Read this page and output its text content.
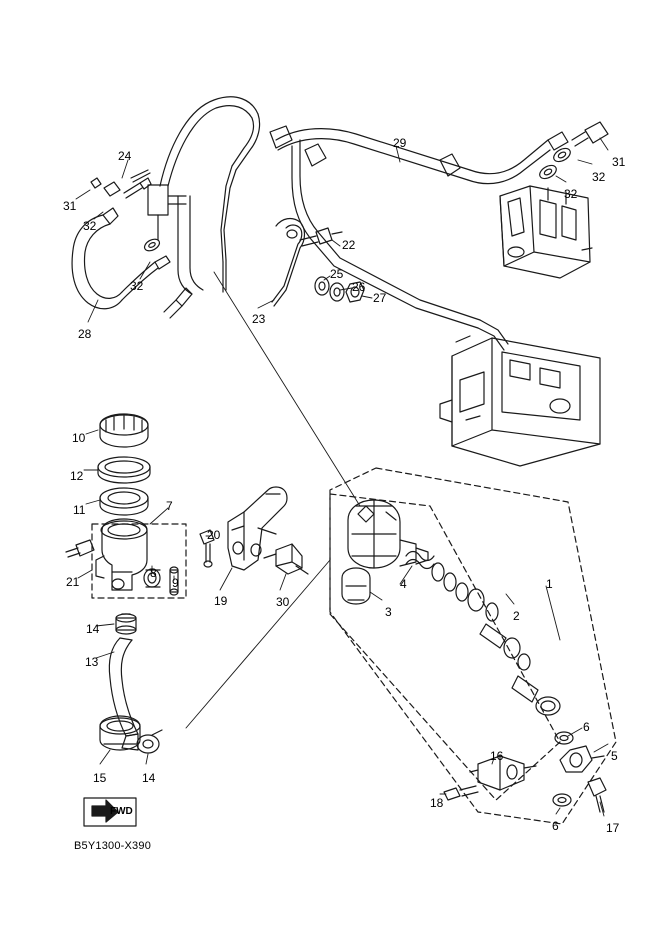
24
31
32
32
28
29
31
32
32
22
25
26
27
23
10
12
11	7
20
21
8
9
19	30
3
4	1
2
14
13
15	14
6
5
16
18
6	17
FWD
B5Y1300-X390
